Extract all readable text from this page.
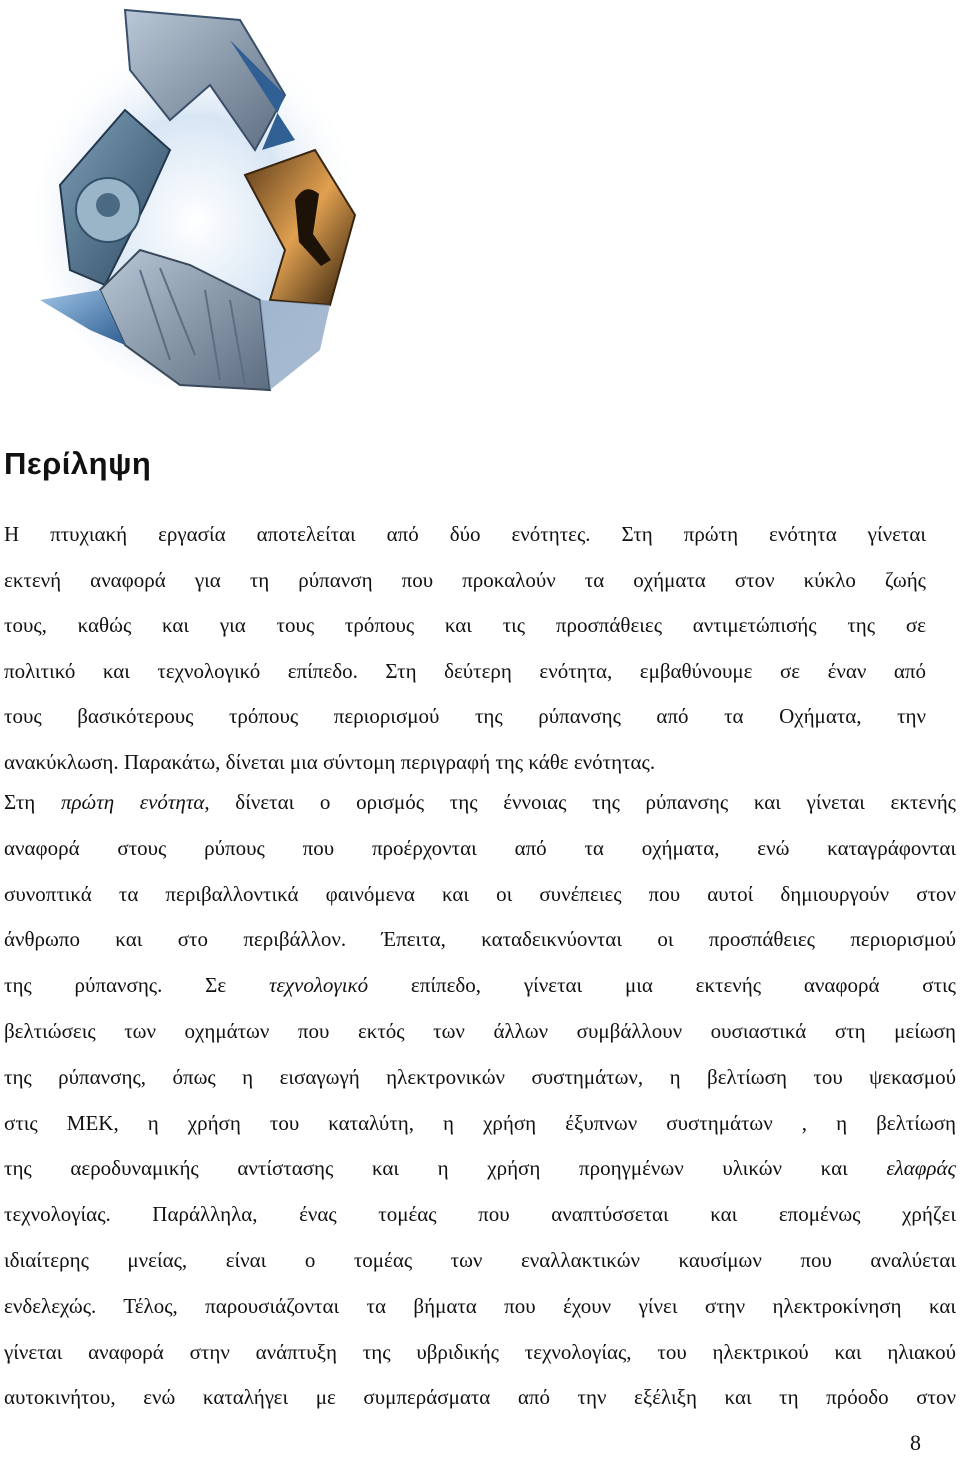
Περίληψη
Η πτυχιακή εργασία αποτελείται από δύο ενότητες. Στη πρώτη ενότητα γίνεται
εκτενή αναφορά για τη ρύπανση που προκαλούν τα οχήματα στον κύκλο ζωής
τους, καθώς και για τους τρόπους και τις προσπάθειες αντιμετώπισής της σε
πολιτικό και τεχνολογικό επίπεδο. Στη δεύτερη ενότητα, εμβαθύνουμε σε έναν από
τους βασικότερους τρόπους περιορισμού της ρύπανσης από τα Οχήματα, την
ανακύκλωση. Παρακάτω, δίνεται μια σύντομη περιγραφή της κάθε ενότητας.
Στη πρώτη ενότητα, δίνεται ο ορισμός της έννοιας της ρύπανσης και γίνεται εκτενής
αναφορά στους ρύπους που προέρχονται από τα οχήματα, ενώ καταγράφονται
συνοπτικά τα περιβαλλοντικά φαινόμενα και οι συνέπειες που αυτοί δημιουργούν στον
άνθρωπο και στο περιβάλλον. Έπειτα, καταδεικνύονται οι προσπάθειες περιορισμού
της ρύπανσης. Σε τεχνολογικό επίπεδο, γίνεται μια εκτενής αναφορά στις
βελτιώσεις των οχημάτων που εκτός των άλλων συμβάλλουν ουσιαστικά στη μείωση
της ρύπανσης, όπως η εισαγωγή ηλεκτρονικών συστημάτων, η βελτίωση του ψεκασμού
στις ΜΕΚ, η χρήση του καταλύτη, η χρήση έξυπνων συστημάτων , η βελτίωση
της αεροδυναμικής αντίστασης και η χρήση προηγμένων υλικών και ελαφράς
τεχνολογίας. Παράλληλα, ένας τομέας που αναπτύσσεται και επομένως χρήζει
ιδιαίτερης μνείας, είναι ο τομέας των εναλλακτικών καυσίμων που αναλύεται
ενδελεχώς. Τέλος, παρουσιάζονται τα βήματα που έχουν γίνει στην ηλεκτροκίνηση και
γίνεται αναφορά στην ανάπτυξη της υβριδικής τεχνολογίας, του ηλεκτρικού και ηλιακού
αυτοκινήτου, ενώ καταλήγει με συμπεράσματα από την εξέλιξη και τη πρόοδο στον
8
